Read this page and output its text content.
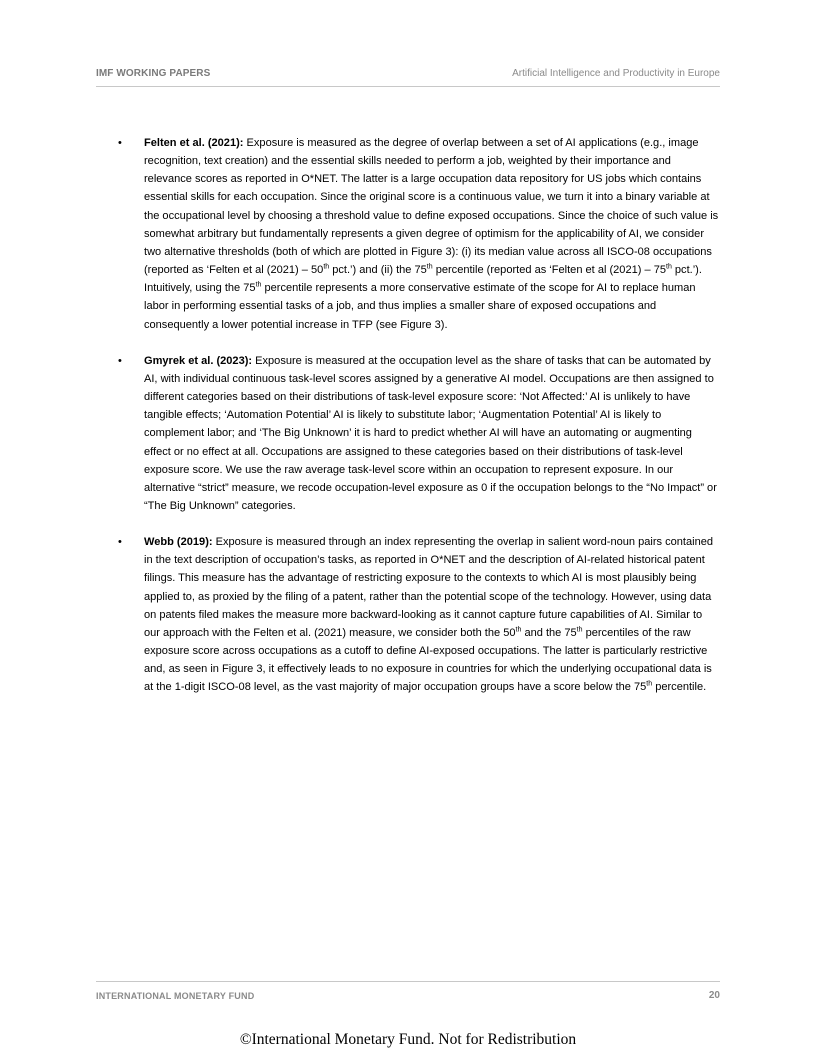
IMF WORKING PAPERS	Artificial Intelligence and Productivity in Europe
• Felten et al. (2021): Exposure is measured as the degree of overlap between a set of AI applications (e.g., image recognition, text creation) and the essential skills needed to perform a job, weighted by their importance and relevance scores as reported in O*NET. The latter is a large occupation data repository for US jobs which contains essential skills for each occupation. Since the original score is a continuous value, we turn it into a binary variable at the occupational level by choosing a threshold value to define exposed occupations. Since the choice of such value is somewhat arbitrary but fundamentally represents a given degree of optimism for the applicability of AI, we consider two alternative thresholds (both of which are plotted in Figure 3): (i) its median value across all ISCO-08 occupations (reported as ‘Felten et al (2021) – 50th pct.’) and (ii) the 75th percentile (reported as ‘Felten et al (2021) – 75th pct.’). Intuitively, using the 75th percentile represents a more conservative estimate of the scope for AI to replace human labor in performing essential tasks of a job, and thus implies a smaller share of exposed occupations and consequently a lower potential increase in TFP (see Figure 3).
• Gmyrek et al. (2023): Exposure is measured at the occupation level as the share of tasks that can be automated by AI, with individual continuous task-level scores assigned by a generative AI model. Occupations are then assigned to different categories based on their distributions of task-level exposure score: ‘Not Affected:’ AI is unlikely to have tangible effects; ‘Automation Potential’ AI is likely to substitute labor; ‘Augmentation Potential’ AI is likely to complement labor; and ‘The Big Unknown’ it is hard to predict whether AI will have an automating or augmenting effect or no effect at all. Occupations are assigned to these categories based on their distributions of task-level exposure score. We use the raw average task-level score within an occupation to represent exposure. In our alternative “strict” measure, we recode occupation-level exposure as 0 if the occupation belongs to the “No Impact” or “The Big Unknown” categories.
• Webb (2019): Exposure is measured through an index representing the overlap in salient word-noun pairs contained in the text description of occupation’s tasks, as reported in O*NET and the description of AI-related historical patent filings. This measure has the advantage of restricting exposure to the contexts to which AI is most plausibly being applied to, as proxied by the filing of a patent, rather than the potential scope of the technology. However, using data on patents filed makes the measure more backward-looking as it cannot capture future capabilities of AI. Similar to our approach with the Felten et al. (2021) measure, we consider both the 50th and the 75th percentiles of the raw exposure score across occupations as a cutoff to define AI-exposed occupations. The latter is particularly restrictive and, as seen in Figure 3, it effectively leads to no exposure in countries for which the underlying occupational data is at the 1-digit ISCO-08 level, as the vast majority of major occupation groups have a score below the 75th percentile.
INTERNATIONAL MONETARY FUND	20
©International Monetary Fund. Not for Redistribution
